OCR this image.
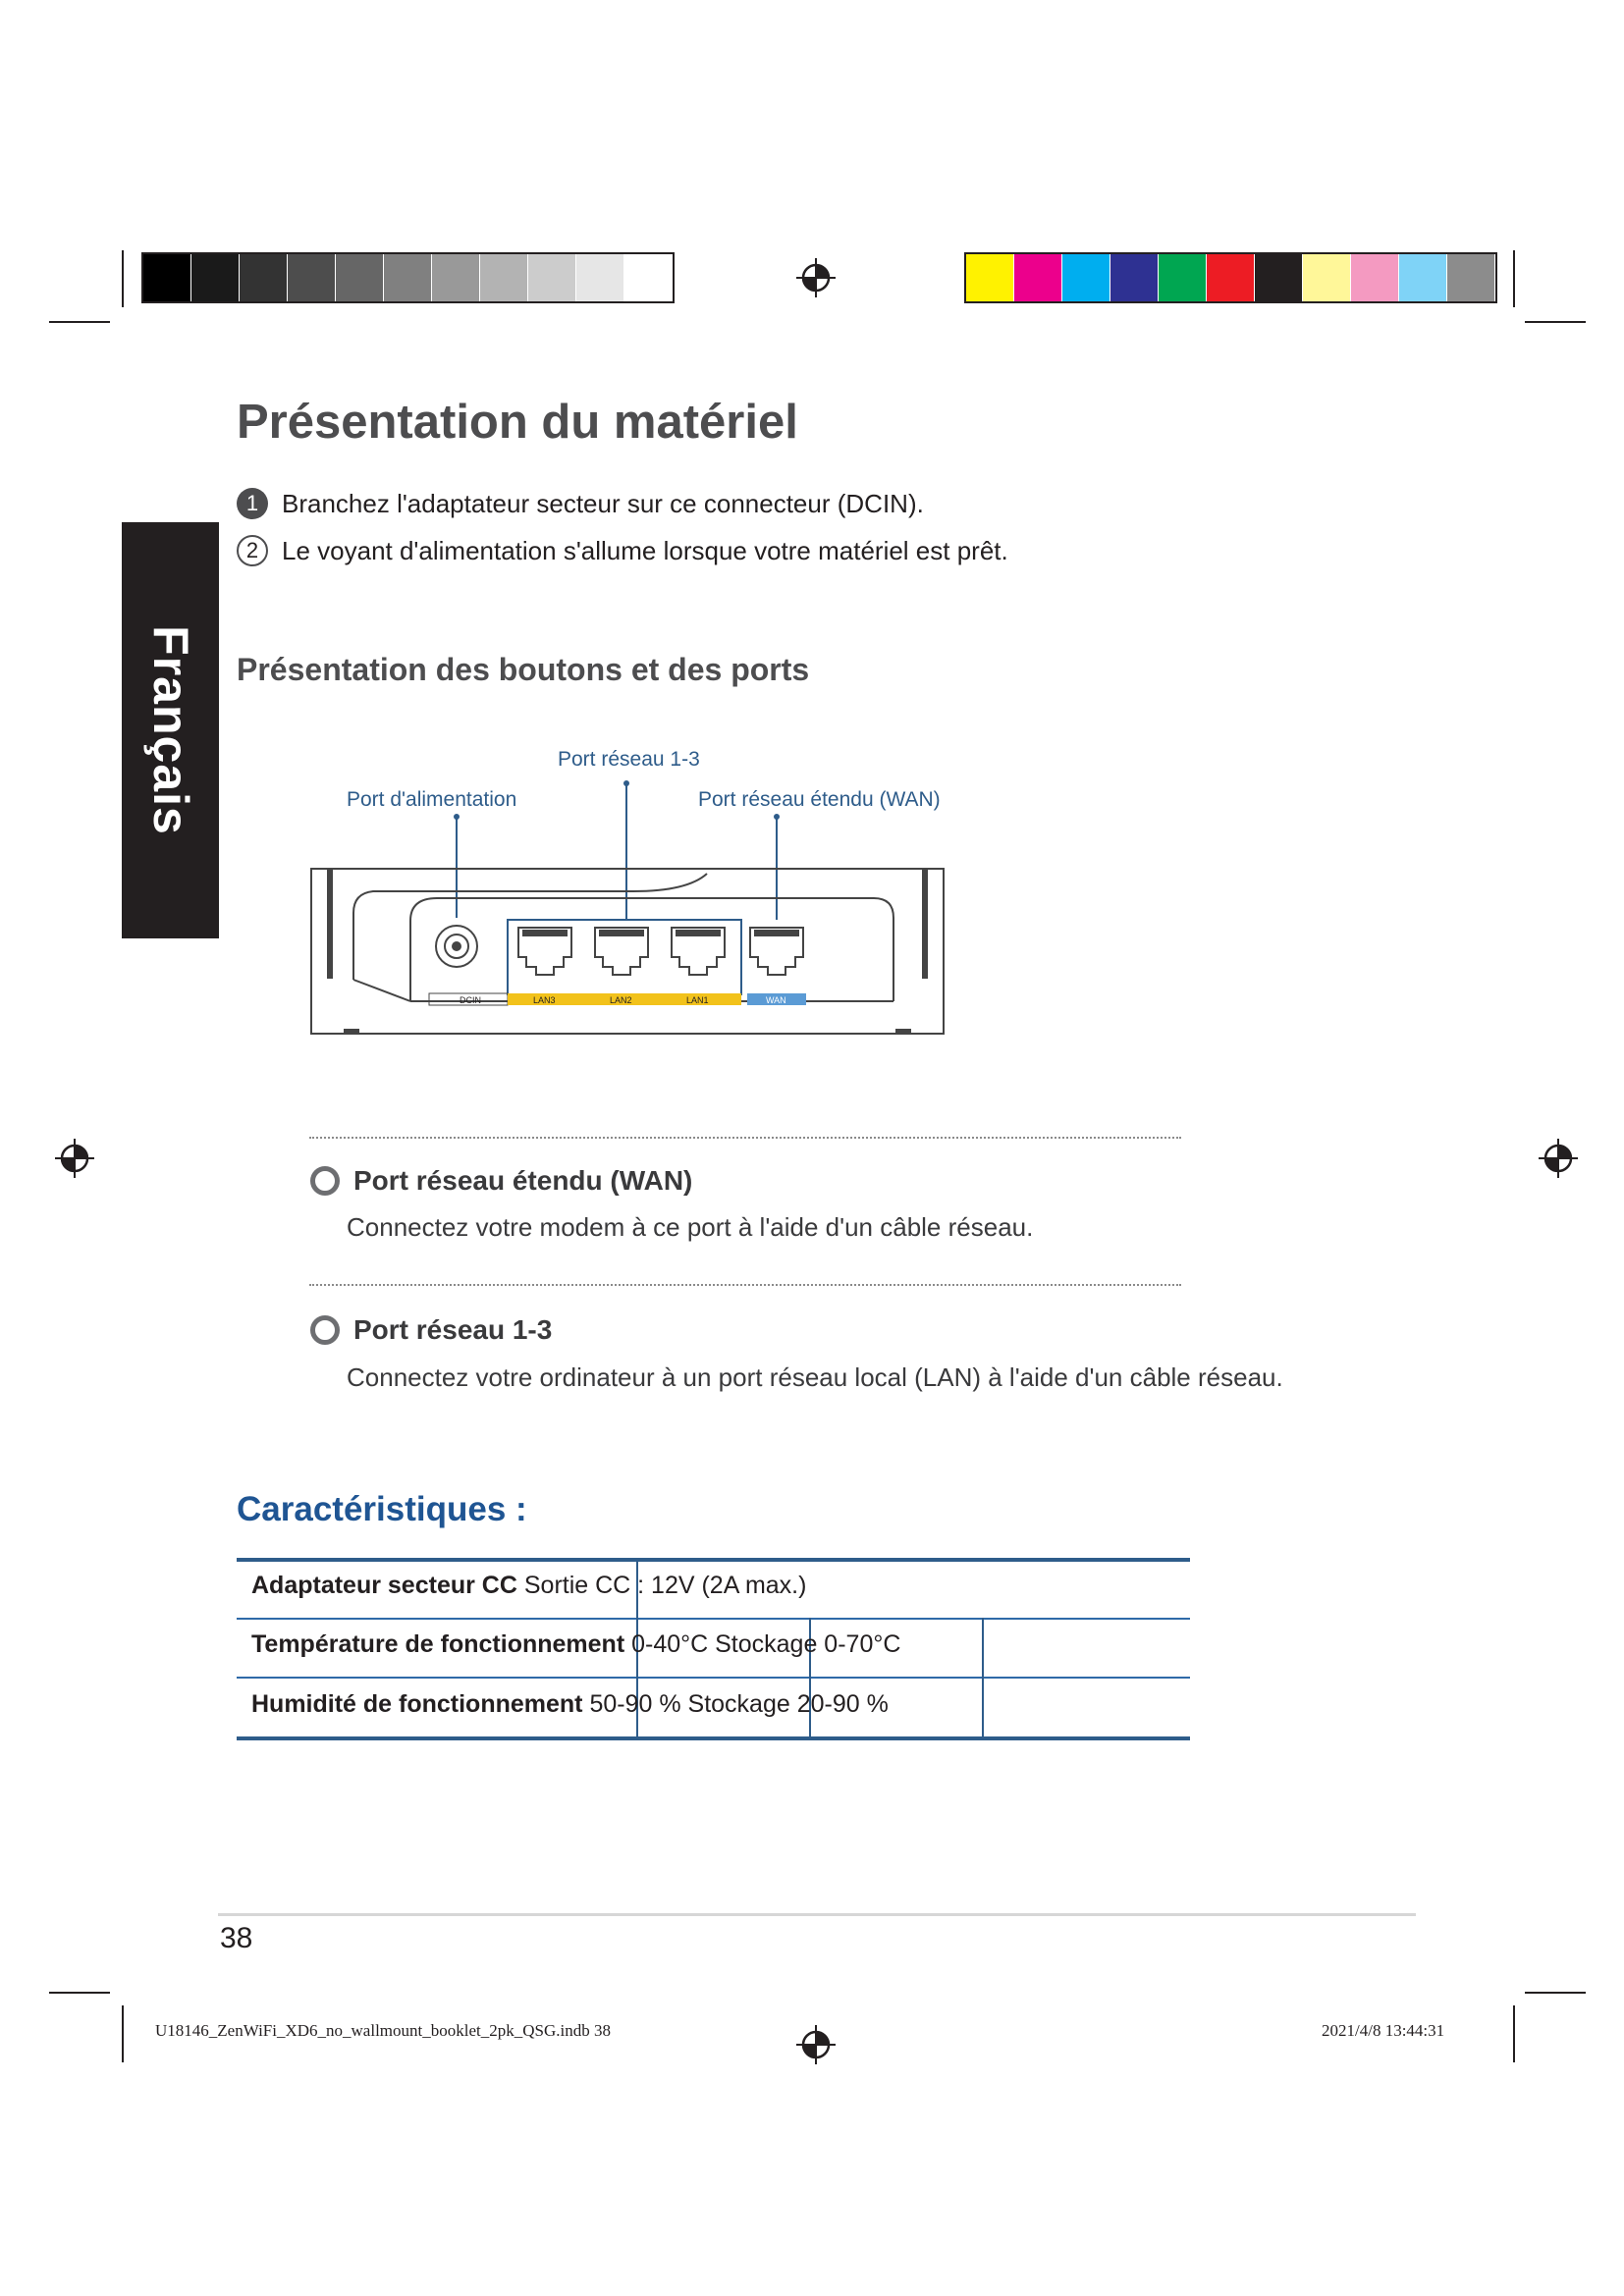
Français
Présentation du matériel
1 Branchez l'adaptateur secteur sur ce connecteur (DCIN).
2 Le voyant d'alimentation s'allume lorsque votre matériel est prêt.
Présentation des boutons et des ports
Port réseau 1-3
Port d'alimentation	Port réseau étendu (WAN)
DCIN	LAN3	LAN2	LAN1	WAN
Port réseau étendu (WAN)
Connectez votre modem à ce port à l'aide d'un câble réseau.
Port réseau 1-3
Connectez votre ordinateur à un port réseau local (LAN) à l'aide d'un câble réseau.
Caractéristiques :
Adaptateur secteur CC Sortie CC : 12V (2A max.)
Température de fonctionnement 0-40°C Stockage 0-70°C
Humidité de fonctionnement 50-90 % Stockage 20-90 %
38
U18146_ZenWiFi_XD6_no_wallmount_booklet_2pk_QSG.indb 38	2021/4/8 13:44:31
